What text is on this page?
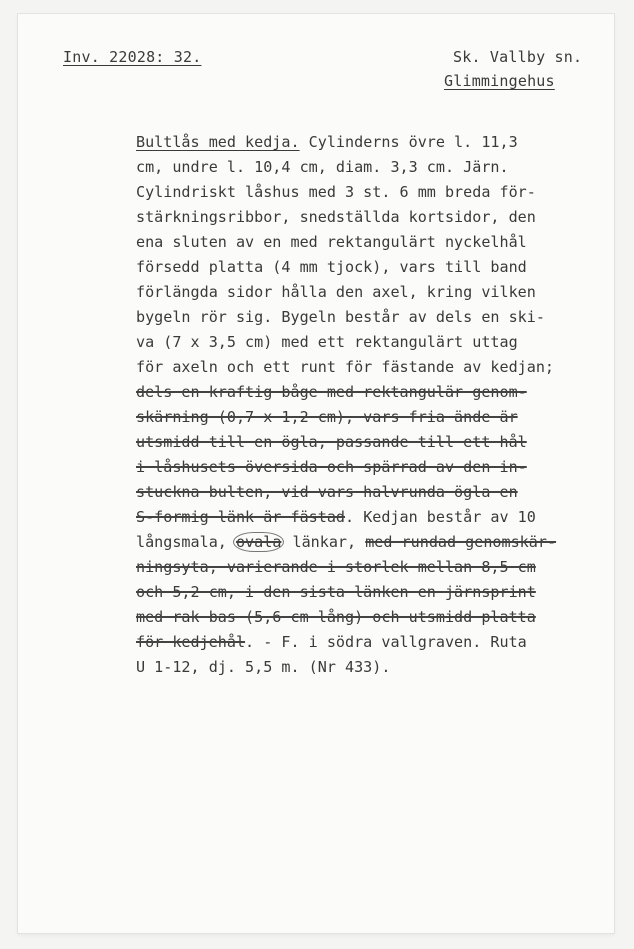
Inv. 22028: 32.	Sk. Vallby sn.
Glimmingehus
Bultlås med kedja. Cylinderns övre l. 11,3
cm, undre l. 10,4 cm, diam. 3,3 cm. Järn.
Cylindriskt låshus med 3 st. 6 mm breda för-
stärkningsribbor, snedställda kortsidor, den
ena sluten av en med rektangulärt nyckelhål
försedd platta (4 mm tjock), vars till band
förlängda sidor hålla den axel, kring vilken
bygeln rör sig. Bygeln består av dels en ski-
va (7 x 3,5 cm) med ett rektangulärt uttag
för axeln och ett runt för fästande av kedjan;
dels en kraftig båge med rektangulär genom-
skärning (0,7 x 1,2 cm), vars fria ände är
utsmidd till en ögla, passande till ett hål
i låshusets översida och spärrad av den in-
stuckna bulten, vid vars halvrunda ögla en
S-formig länk är fästad. Kedjan består av 10
långsmala, ovala länkar, med rundad genomskär-
ningsyta, varierande i storlek mellan 8,5 cm
och 5,2 cm, i den sista länken en järnsprint
med rak bas (5,6 cm lång) och utsmidd platta
för kedjehål. - F. i södra vallgraven. Ruta
U 1-12, dj. 5,5 m. (Nr 433).
